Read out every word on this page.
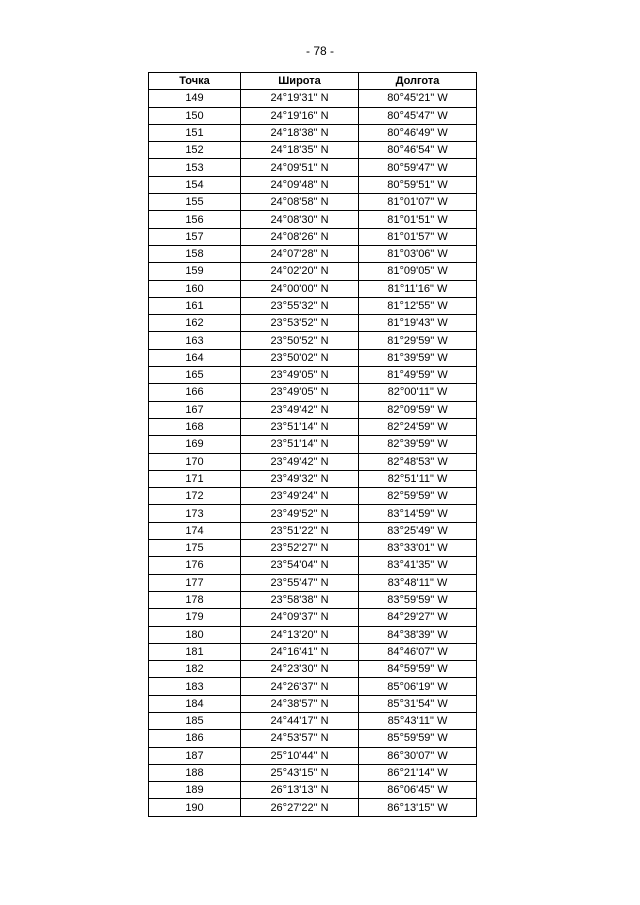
- 78 -
Точка	Широта	Долгота
149	24°19'31" N	80°45'21" W
150	24°19'16" N	80°45'47" W
151	24°18'38" N	80°46'49" W
152	24°18'35" N	80°46'54" W
153	24°09'51" N	80°59'47" W
154	24°09'48" N	80°59'51" W
155	24°08'58" N	81°01'07" W
156	24°08'30" N	81°01'51" W
157	24°08'26" N	81°01'57" W
158	24°07'28" N	81°03'06" W
159	24°02'20" N	81°09'05" W
160	24°00'00" N	81°11'16" W
161	23°55'32" N	81°12'55" W
162	23°53'52" N	81°19'43" W
163	23°50'52" N	81°29'59" W
164	23°50'02" N	81°39'59" W
165	23°49'05" N	81°49'59" W
166	23°49'05" N	82°00'11" W
167	23°49'42" N	82°09'59" W
168	23°51'14" N	82°24'59" W
169	23°51'14" N	82°39'59" W
170	23°49'42" N	82°48'53" W
171	23°49'32" N	82°51'11" W
172	23°49'24" N	82°59'59" W
173	23°49'52" N	83°14'59" W
174	23°51'22" N	83°25'49" W
175	23°52'27" N	83°33'01" W
176	23°54'04" N	83°41'35" W
177	23°55'47" N	83°48'11" W
178	23°58'38" N	83°59'59" W
179	24°09'37" N	84°29'27" W
180	24°13'20" N	84°38'39" W
181	24°16'41" N	84°46'07" W
182	24°23'30" N	84°59'59" W
183	24°26'37" N	85°06'19" W
184	24°38'57" N	85°31'54" W
185	24°44'17" N	85°43'11" W
186	24°53'57" N	85°59'59" W
187	25°10'44" N	86°30'07" W
188	25°43'15" N	86°21'14" W
189	26°13'13" N	86°06'45" W
190	26°27'22" N	86°13'15" W
